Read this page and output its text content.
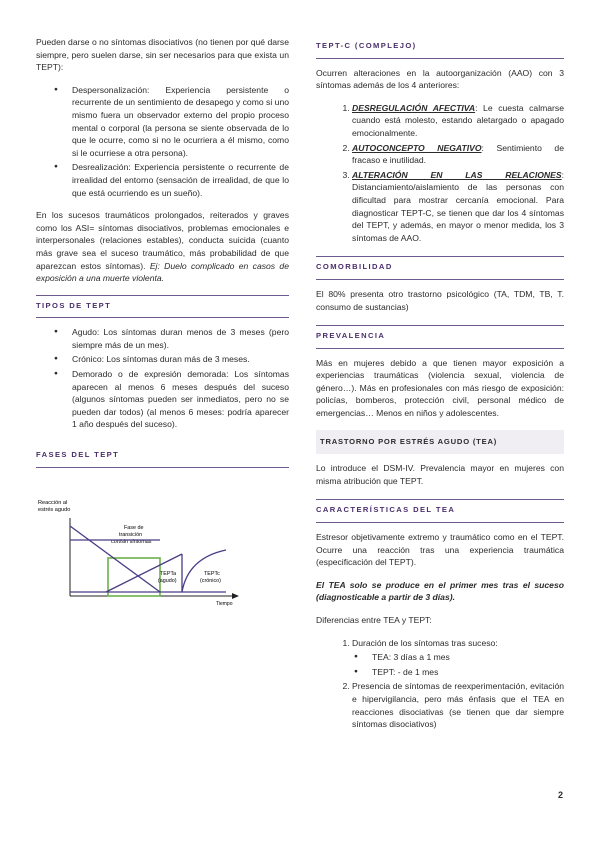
Pueden darse o no síntomas disociativos (no tienen por qué darse siempre, pero suelen darse, sin ser necesarios para que exista un TEPT):

● Despersonalización: Experiencia persistente o recurrente de un sentimiento de desapego y como si uno mismo fuera un observador externo del propio proceso mental o corporal (la persona se siente observada de lo que le ocurre, como si no le ocurriera a él mismo, como si le ocurriese a otra persona).
● Desrealización: Experiencia persistente o recurrente de irrealidad del entorno (sensación de irrealidad, de que lo que está ocurriendo es un sueño).

En los sucesos traumáticos prolongados, reiterados y graves como los ASI= síntomas disociativos, problemas emocionales e interpersonales (relaciones estables), conducta suicida (cuanto más grave sea el suceso traumático, más probabilidad de que aparezcan estos síntomas). Ej: Duelo complicado en casos de exposición a una muerte violenta.

TIPOS DE TEPT
● Agudo: Los síntomas duran menos de 3 meses (pero siempre más de un mes).
● Crónico: Los síntomas duran más de 3 meses.
● Demorado o de expresión demorada: Los síntomas aparecen al menos 6 meses después del suceso (algunos síntomas pueden ser inmediatos, pero no se pueden dar todos) (al menos 6 meses: podría aparecer 1 año después del suceso).
FASES DEL TEPT
Reacción al
estrés agudo
Fase de
transición
con/sin síntomas
TEPTa
(agudo)
TEPTc
(crónico)
Tiempo
TEPT-C (COMPLEJO)

Ocurren alteraciones en la autoorganización (AAO) con 3 síntomas además de los 4 anteriores:

1. DESREGULACIÓN AFECTIVA: Le cuesta calmarse cuando está molesto, estando aletargado o apagado emocionalmente.
2. AUTOCONCEPTO NEGATIVO: Sentimiento de fracaso e inutilidad.
3. ALTERACIÓN EN LAS RELACIONES: Distanciamiento/aislamiento de las personas con dificultad para mostrar cercanía emocional. Para diagnosticar TEPT-C, se tienen que dar los 4 síntomas del TEPT, y además, en mayor o menor medida, los 3 síntomas de AAO.
COMORBILIDAD

El 80% presenta otro trastorno psicológico (TA, TDM, TB, T. consumo de sustancias)

PREVALENCIA

Más en mujeres debido a que tienen mayor exposición a experiencias traumáticas (violencia sexual, violencia de género…). Más en profesionales con más riesgo de exposición: policías, bomberos, protección civil, personal médico de emergencias… Menos en niños y adolescentes.

TRASTORNO POR ESTRÉS AGUDO (TEA)

Lo introduce el DSM-IV. Prevalencia mayor en mujeres con misma atribución que TEPT.

CARACTERÍSTICAS DEL TEA

Estresor objetivamente extremo y traumático como en el TEPT. Ocurre una reacción tras una experiencia traumática (especificación del TEPT).

El TEA solo se produce en el primer mes tras el suceso (diagnosticable a partir de 3 días).

Diferencias entre TEA y TEPT:

1. Duración de los síntomas tras suceso:
● TEA: 3 días a 1 mes
● TEPT: - de 1 mes
2. Presencia de síntomas de reexperimentación, evitación e hipervigilancia, pero más énfasis que el TEA en reacciones disociativas (se tienen que dar siempre síntomas disociativos)
2
